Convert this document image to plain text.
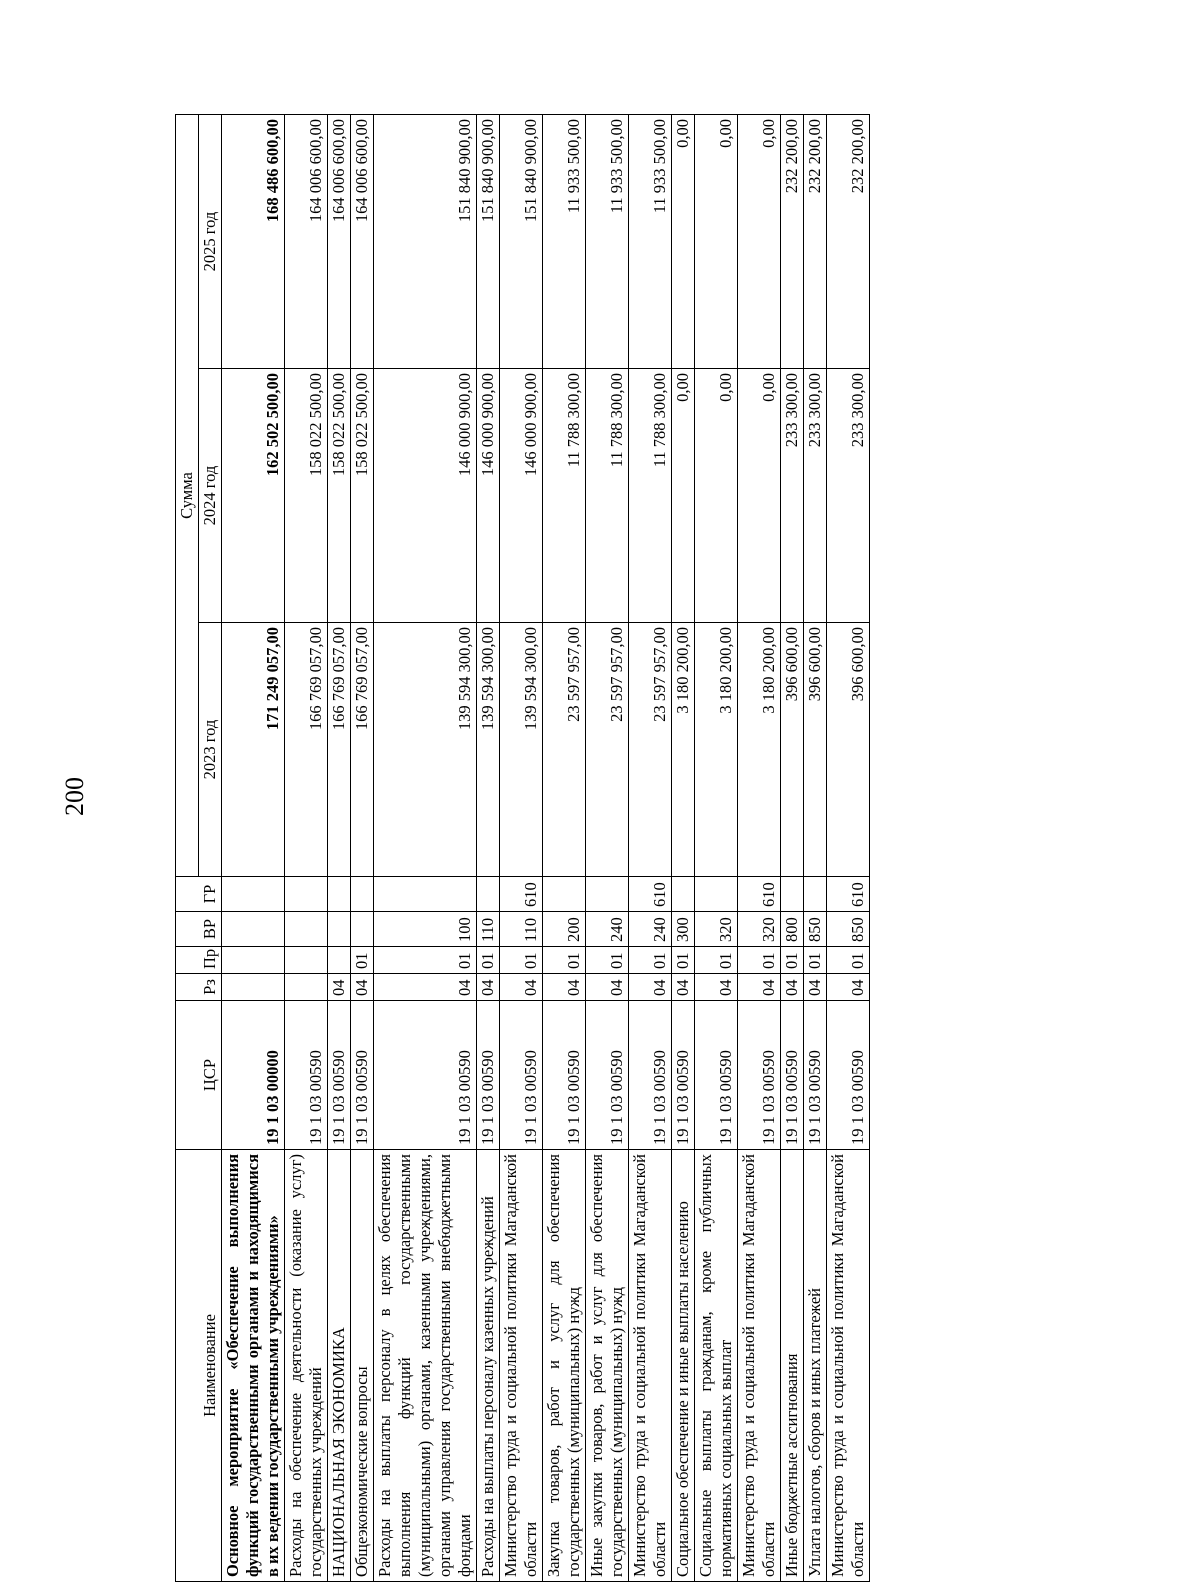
200
Наименование	ЦСР	Рз	Пр	ВР	ГР	Сумма		
						2023 год	2024 год	2025 год
Основное мероприятие «Обеспечение выполнения функций государственными органами и находящимися в их ведении государственными учреждениями»	19 1 03 00000					171 249 057,00	162 502 500,00	168 486 600,00
Расходы на обеспечение деятельности (оказание услуг) государственных учреждений	19 1 03 00590					166 769 057,00	158 022 500,00	164 006 600,00
НАЦИОНАЛЬНАЯ ЭКОНОМИКА	19 1 03 00590	04				166 769 057,00	158 022 500,00	164 006 600,00
Общеэкономические вопросы	19 1 03 00590	04	01			166 769 057,00	158 022 500,00	164 006 600,00
Расходы на выплаты персоналу в целях обеспечения выполнения функций государственными (муниципальными) органами, казенными учреждениями, органами управления государственными внебюджетными фондами	19 1 03 00590	04	01	100		139 594 300,00	146 000 900,00	151 840 900,00
Расходы на выплаты персоналу казенных учреждений	19 1 03 00590	04	01	110		139 594 300,00	146 000 900,00	151 840 900,00
Министерство труда и социальной политики Магаданской области	19 1 03 00590	04	01	110	610	139 594 300,00	146 000 900,00	151 840 900,00
Закупка товаров, работ и услуг для обеспечения государственных (муниципальных) нужд	19 1 03 00590	04	01	200		23 597 957,00	11 788 300,00	11 933 500,00
Иные закупки товаров, работ и услуг для обеспечения государственных (муниципальных) нужд	19 1 03 00590	04	01	240		23 597 957,00	11 788 300,00	11 933 500,00
Министерство труда и социальной политики Магаданской области	19 1 03 00590	04	01	240	610	23 597 957,00	11 788 300,00	11 933 500,00
Социальное обеспечение и иные выплаты населению	19 1 03 00590	04	01	300		3 180 200,00	0,00	0,00
Социальные выплаты гражданам, кроме публичных нормативных социальных выплат	19 1 03 00590	04	01	320		3 180 200,00	0,00	0,00
Министерство труда и социальной политики Магаданской области	19 1 03 00590	04	01	320	610	3 180 200,00	0,00	0,00
Иные бюджетные ассигнования	19 1 03 00590	04	01	800		396 600,00	233 300,00	232 200,00
Уплата налогов, сборов и иных платежей	19 1 03 00590	04	01	850		396 600,00	233 300,00	232 200,00
Министерство труда и социальной политики Магаданской области	19 1 03 00590	04	01	850	610	396 600,00	233 300,00	232 200,00
